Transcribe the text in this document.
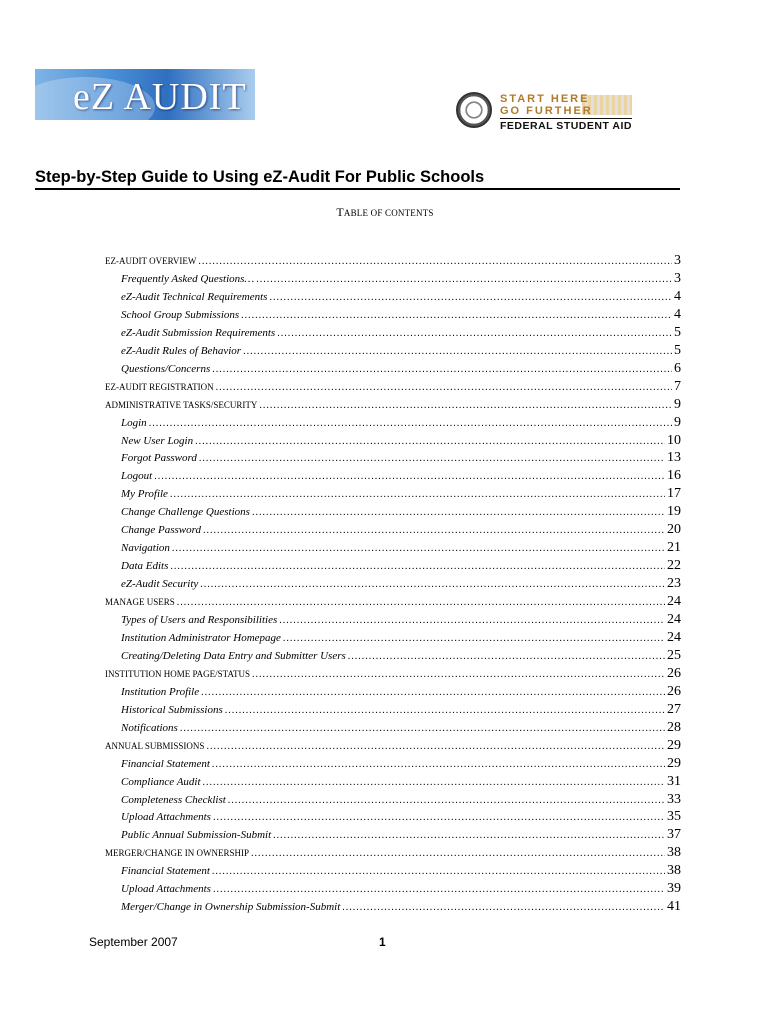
eZ AUDIT	START HERE
GO FURTHER
FEDERAL STUDENT AID
Step-by-Step Guide to Using eZ-Audit For Public Schools
TABLE OF CONTENTS
EZ-AUDIT OVERVIEW .....	3
Frequently Asked Questions… .....	3
eZ-Audit Technical Requirements .....	4
School Group Submissions .....	4
eZ-Audit Submission Requirements .....	5
eZ-Audit Rules of Behavior .....	5
Questions/Concerns .....	6
EZ-AUDIT REGISTRATION .....	7
ADMINISTRATIVE TASKS/SECURITY .....	9
Login .....	9
New User Login .....	10
Forgot Password .....	13
Logout .....	16
My Profile .....	17
Change Challenge Questions .....	19
Change Password .....	20
Navigation .....	21
Data Edits .....	22
eZ-Audit Security .....	23
MANAGE USERS .....	24
Types of Users and Responsibilities .....	24
Institution Administrator Homepage .....	24
Creating/Deleting Data Entry and Submitter Users .....	25
INSTITUTION HOME PAGE/STATUS .....	26
Institution Profile .....	26
Historical Submissions .....	27
Notifications .....	28
ANNUAL SUBMISSIONS .....	29
Financial Statement .....	29
Compliance Audit .....	31
Completeness Checklist .....	33
Upload Attachments .....	35
Public Annual Submission-Submit .....	37
MERGER/CHANGE IN OWNERSHIP .....	38
Financial Statement .....	38
Upload Attachments .....	39
Merger/Change in Ownership Submission-Submit .....	41
September 2007	1
